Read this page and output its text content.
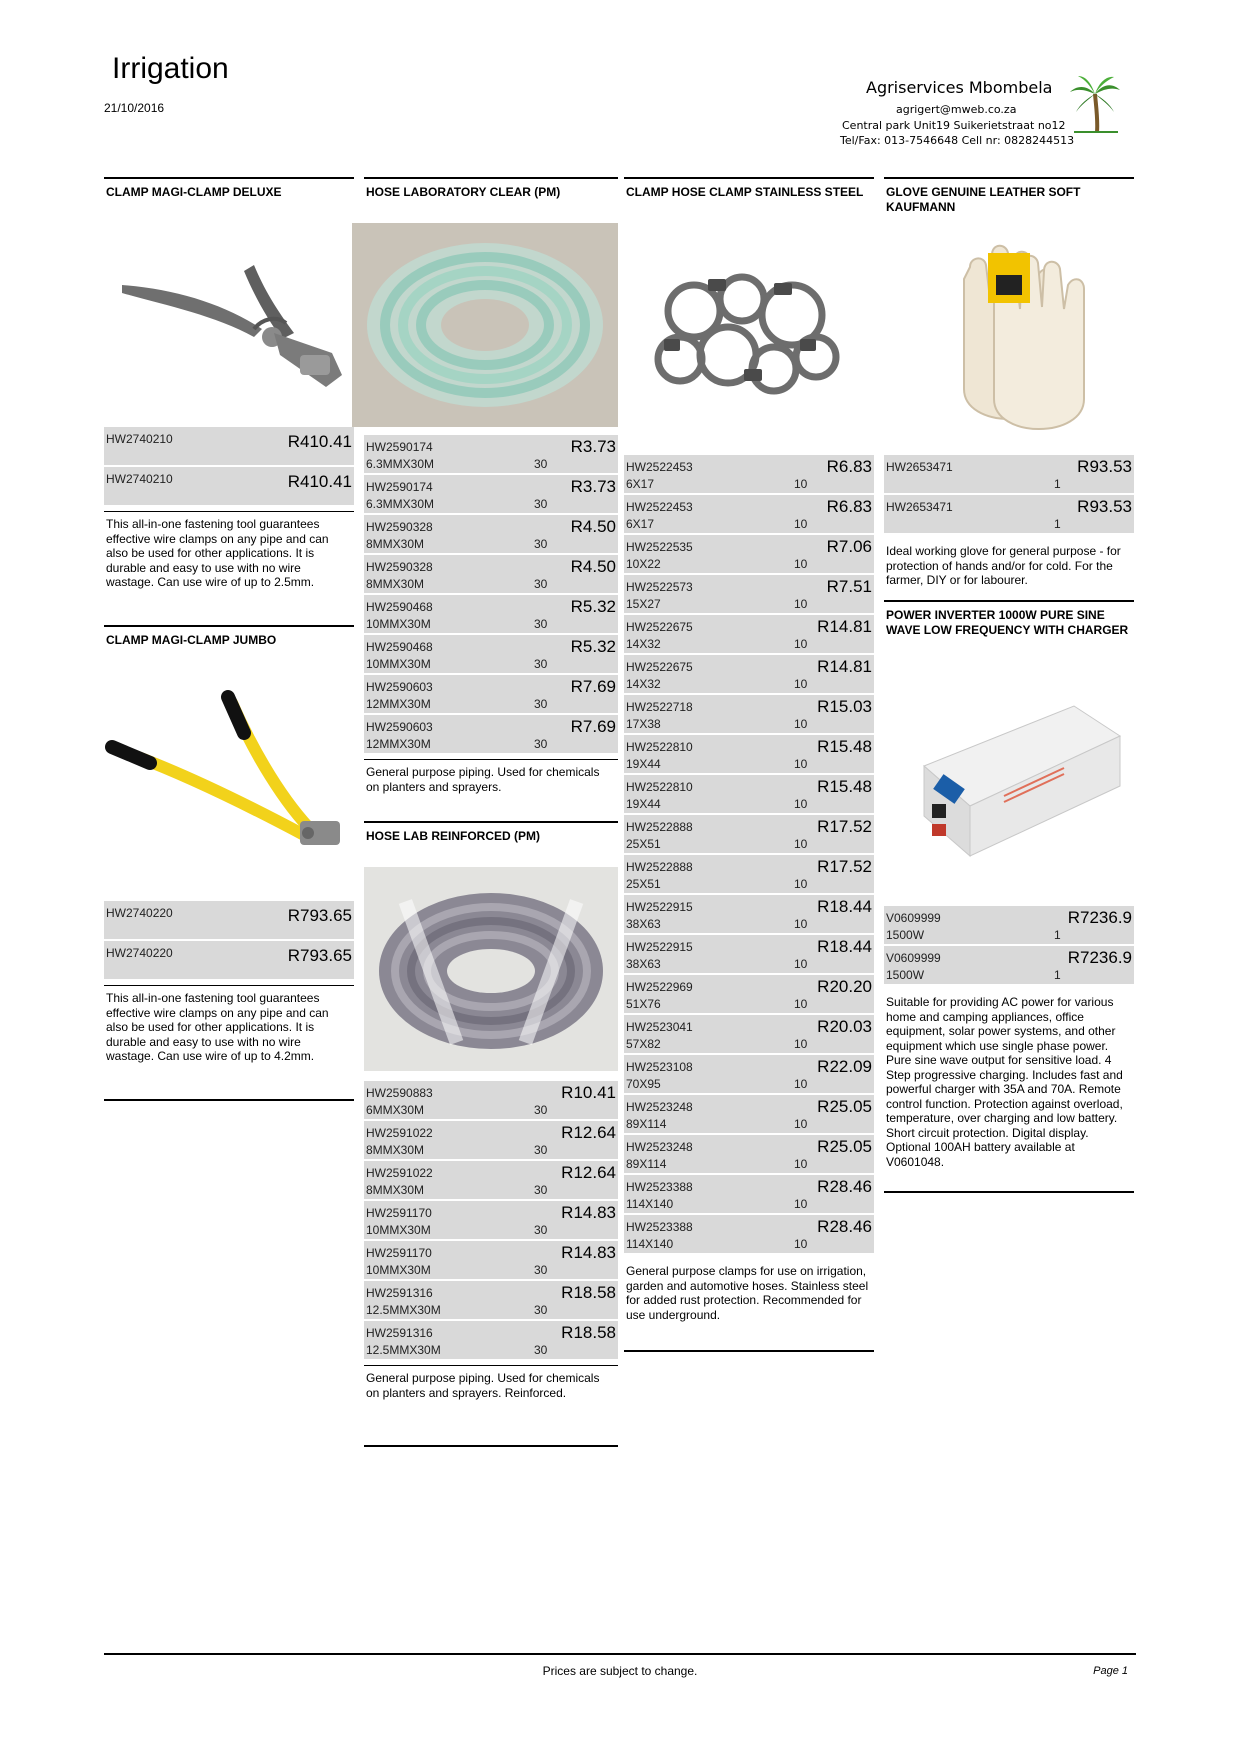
Irrigation
21/10/2016
Agriservices Mbombela
agrigert@mweb.co.za
Central park Unit19 Suikerietstraat no12
Tel/Fax: 013-7546648 Cell nr: 0828244513
CLAMP MAGI-CLAMP DELUXE
HW2740210	R410.41
HW2740210	R410.41
This all-in-one fastening tool guarantees effective wire clamps on any pipe and can also be used for other applications. It is durable and easy to use with no wire wastage. Can use wire of up to 2.5mm.
CLAMP MAGI-CLAMP JUMBO
HW2740220	R793.65
HW2740220	R793.65
This all-in-one fastening tool guarantees effective wire clamps on any pipe and can also be used for other applications. It is durable and easy to use with no wire wastage. Can use wire of up to 4.2mm.
HOSE LABORATORY CLEAR (PM)
HW2590174	R3.73
6.3MMX30M	30
HW2590174	R3.73
6.3MMX30M	30
HW2590328	R4.50
8MMX30M	30
HW2590328	R4.50
8MMX30M	30
HW2590468	R5.32
10MMX30M	30
HW2590468	R5.32
10MMX30M	30
HW2590603	R7.69
12MMX30M	30
HW2590603	R7.69
12MMX30M	30
General purpose piping. Used for chemicals on planters and sprayers.
HOSE LAB REINFORCED (PM)
HW2590883	R10.41
6MMX30M	30
HW2591022	R12.64
8MMX30M	30
HW2591022	R12.64
8MMX30M	30
HW2591170	R14.83
10MMX30M	30
HW2591170	R14.83
10MMX30M	30
HW2591316	R18.58
12.5MMX30M	30
HW2591316	R18.58
12.5MMX30M	30
General purpose piping. Used for chemicals on planters and sprayers. Reinforced.
CLAMP HOSE CLAMP STAINLESS STEEL
HW2522453	R6.83
6X17	10
HW2522453	R6.83
6X17	10
HW2522535	R7.06
10X22	10
HW2522573	R7.51
15X27	10
HW2522675	R14.81
14X32	10
HW2522675	R14.81
14X32	10
HW2522718	R15.03
17X38	10
HW2522810	R15.48
19X44	10
HW2522810	R15.48
19X44	10
HW2522888	R17.52
25X51	10
HW2522888	R17.52
25X51	10
HW2522915	R18.44
38X63	10
HW2522915	R18.44
38X63	10
HW2522969	R20.20
51X76	10
HW2523041	R20.03
57X82	10
HW2523108	R22.09
70X95	10
HW2523248	R25.05
89X114	10
HW2523248	R25.05
89X114	10
HW2523388	R28.46
114X140	10
HW2523388	R28.46
114X140	10
General purpose clamps for use on irrigation, garden and automotive hoses. Stainless steel for added rust protection. Recommended for use underground.
GLOVE GENUINE LEATHER SOFT KAUFMANN
HW2653471	R93.53
1
HW2653471	R93.53
1
Ideal working glove for general purpose - for protection of hands and/or for cold. For the farmer, DIY or for labourer.
POWER INVERTER 1000W PURE SINE WAVE LOW FREQUENCY WITH CHARGER
V0609999	R7236.9
1500W	1
V0609999	R7236.9
1500W	1
Suitable for providing AC power for various home and camping appliances, office equipment, solar power systems, and other equipment which use single phase power. Pure sine wave output for sensitive load. 4 Step progressive charging. Includes fast and powerful charger with 35A and 70A. Remote control function. Protection against overload, temperature, over charging and low battery. Short circuit protection. Digital display. Optional 100AH battery available at V0601048.
Prices are subject to change.	Page 1
